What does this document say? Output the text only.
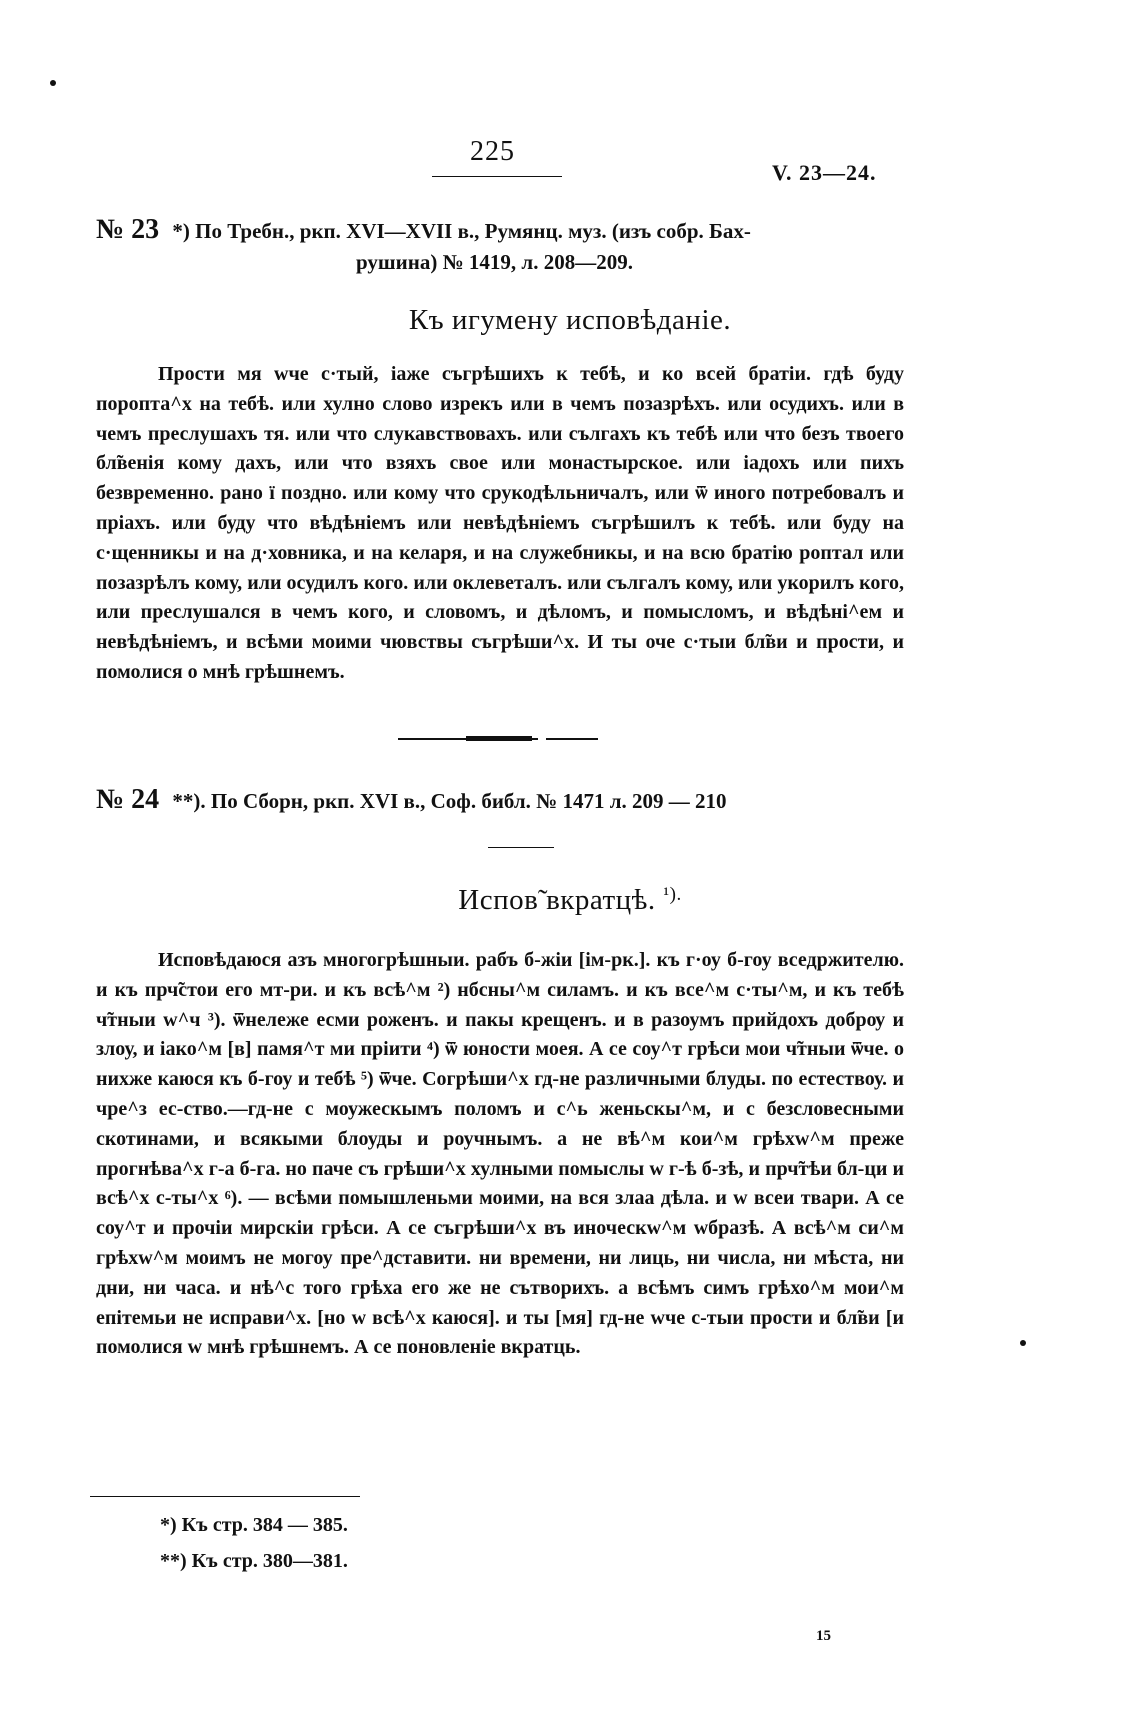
225
V. 23—24.
№ 23 *) По Требн., ркп. XVI—XVII в., Румянц. муз. (изъ собр. Бах-
рушина) № 1419, л. 208—209.
Къ игумену исповѣданіе.

Прости мя wче с·тый, іаже съгрѣшихъ к тебѣ, и ко всей братіи. гдѣ буду поропта^х на тебѣ. или хулно слово изрекъ или в чемъ позазрѣхъ. или осудихъ. или в чемъ преслушахъ тя. или что слукавствовахъ. или сългахъ къ тебѣ или что безъ твоего бл̃венія кому дахъ, или что взяхъ свое или монастырское. или іадохъ или пихъ безвременно. рано ї поздно. или кому что срукодѣльничалъ, или ѿ иного потребовалъ и пріахъ. или буду что вѣдѣніемъ или невѣдѣніемъ съгрѣшилъ к тебѣ. или буду на с·щенникы и на д·ховника, и на келаря, и на служебникы, и на всю братію роптал или позазрѣлъ кому, или осудилъ кого. или оклеветалъ. или сългалъ кому, или укорилъ кого, или преслушался в чемъ кого, и словомъ, и дѣломъ, и помысломъ, и вѣдѣні^ем и невѣдѣніемъ, и всѣми моими чювствы съгрѣши^х. И ты оче с·тыи бл̃ви и прости, и помолися о мнѣ грѣшнемъ.

№ 24 **). По Сборн, ркп. XVI в., Соф. библ. № 1471 л. 209 — 210
Испов̃ вкратцѣ. $^{^1).}$

Исповѣдаюся азъ многогрѣшныи. рабъ б-жіи [ім-рк.]. къ г·оу б-гоу вседржителю. и къ прч̃стои его мт-ри. и къ всѣ^м ²) нбсны^м силамъ. и къ все^м с·ты^м, и къ тебѣ ч̃тныи w^ч ³). ѿнележе есми роженъ. и пакы крещенъ. и в разоумъ прийдохъ добрѹ и злоу, и іако^м [в] памя^т ми пріити ⁴) ѿ юности моея. А се соу^т грѣси мои ч̃тныи ѿче. о нихже каюся къ б-гоу и тебѣ ⁵) ѿче. Согрѣши^х гд-не различными блуды. по естествоу. и чре^з ес-ство.—гд-не с моужескымъ поломъ и с^ь женьскы^м, и с безсловесными скотинами, и всякыми блоуды и роучнымъ. а не вѣ^м кои^м грѣхw^м преже прогнѣва^х г-а б-га. но паче съ грѣши^х хулными помыслы w г-ѣ б-зѣ, и прч̃тѣи бл-ци и всѣ^х с-ты^х ⁶). — всѣми помышленьми моими, на вся злаа дѣла. и w всеи твари. А се соу^т и прочіи мирскіи грѣси. А се съгрѣши^х въ иноческw^м wбразѣ. А всѣ^м си^м грѣхw^м моимъ не могоу пре^дставити. ни времени, ни лиць, ни числа, ни мѣста, ни дни, ни часа. и нѣ^с того грѣха его же не сътворихъ. а всѣмъ симъ грѣхо^м мои^м епітемьи не исправи^х. [но w всѣ^х каюся]. и ты [мя] гд-не wче с-тыи прости и бл̃ви [и помолися w мнѣ грѣшнемъ. А се поновленіе вкратць.

*) Къ стр. 384 — 385.
**) Къ стр. 380—381.
15
